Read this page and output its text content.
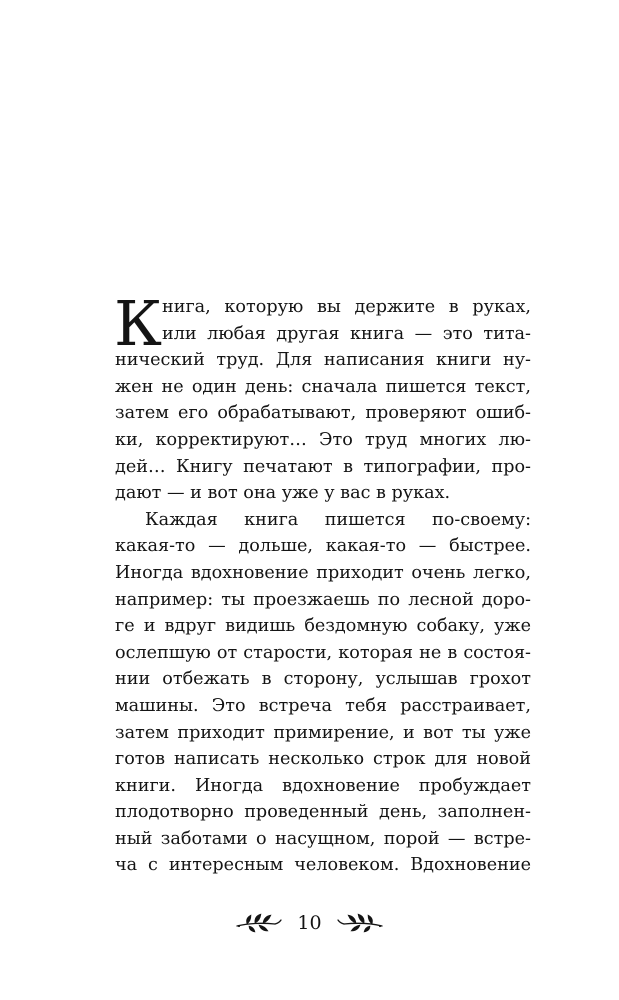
К нига, которую вы держите в руках,
или любая другая книга — это тита-
нический труд. Для написания книги ну-
жен не один день: сначала пишется текст,
затем его обрабатывают, проверяют ошиб-
ки, корректируют… Это труд многих лю-
дей… Книгу печатают в типографии, про-
дают — и вот она уже у вас в руках.
Каждая книга пишется по-своему:
какая-то — дольше, какая-то — быстрее.
Иногда вдохновение приходит очень легко,
например: ты проезжаешь по лесной доро-
ге и вдруг видишь бездомную собаку, уже
ослепшую от старости, которая не в состоя-
нии отбежать в сторону, услышав грохот
машины. Это встреча тебя расстраивает,
затем приходит примирение, и вот ты уже
готов написать несколько строк для новой
книги. Иногда вдохновение пробуждает
плодотворно проведенный день, заполнен-
ный заботами о насущном, порой — встре-
ча с интересным человеком. Вдохновение
10
